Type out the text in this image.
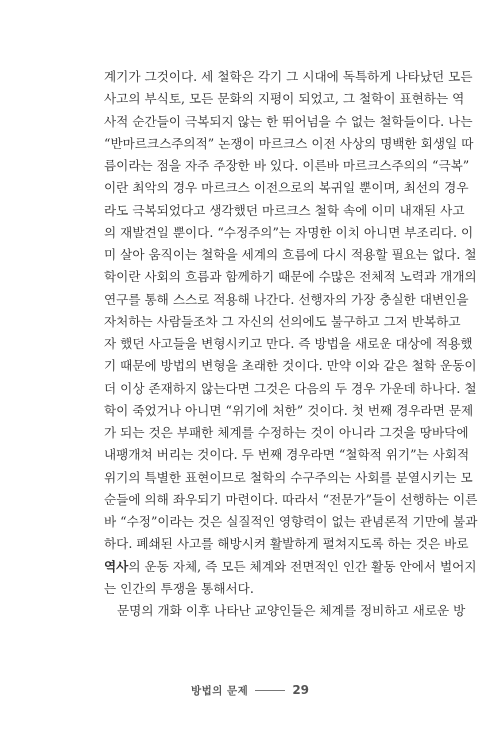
계기가 그것이다. 세 철학은 각기 그 시대에 독특하게 나타났던 모든
사고의 부식토, 모든 문화의 지평이 되었고, 그 철학이 표현하는 역
사적 순간들이 극복되지 않는 한 뛰어넘을 수 없는 철학들이다. 나는
“반마르크스주의적” 논쟁이 마르크스 이전 사상의 명백한 회생일 따
름이라는 점을 자주 주장한 바 있다. 이른바 마르크스주의의 “극복”
이란 최악의 경우 마르크스 이전으로의 복귀일 뿐이며, 최선의 경우
라도 극복되었다고 생각했던 마르크스 철학 속에 이미 내재된 사고
의 재발견일 뿐이다. “수정주의”는 자명한 이치 아니면 부조리다. 이
미 살아 움직이는 철학을 세계의 흐름에 다시 적용할 필요는 없다. 철
학이란 사회의 흐름과 함께하기 때문에 수많은 전체적 노력과 개개의
연구를 통해 스스로 적용해 나간다. 선행자의 가장 충실한 대변인을
자처하는 사람들조차 그 자신의 선의에도 불구하고 그저 반복하고
자 했던 사고들을 변형시키고 만다. 즉 방법을 새로운 대상에 적용했
기 때문에 방법의 변형을 초래한 것이다. 만약 이와 같은 철학 운동이
더 이상 존재하지 않는다면 그것은 다음의 두 경우 가운데 하나다. 철
학이 죽었거나 아니면 “위기에 처한” 것이다. 첫 번째 경우라면 문제
가 되는 것은 부패한 체계를 수정하는 것이 아니라 그것을 땅바닥에
내팽개쳐 버리는 것이다. 두 번째 경우라면 “철학적 위기”는 사회적
위기의 특별한 표현이므로 철학의 수구주의는 사회를 분열시키는 모
순들에 의해 좌우되기 마련이다. 따라서 “전문가”들이 선행하는 이른
바 “수정”이라는 것은 실질적인 영향력이 없는 관념론적 기만에 불과
하다. 폐쇄된 사고를 해방시켜 활발하게 펼쳐지도록 하는 것은 바로
역사의 운동 자체, 즉 모든 체계와 전면적인 인간 활동 안에서 벌어지
는 인간의 투쟁을 통해서다.
문명의 개화 이후 나타난 교양인들은 체계를 정비하고 새로운 방
방법의 문제	29
